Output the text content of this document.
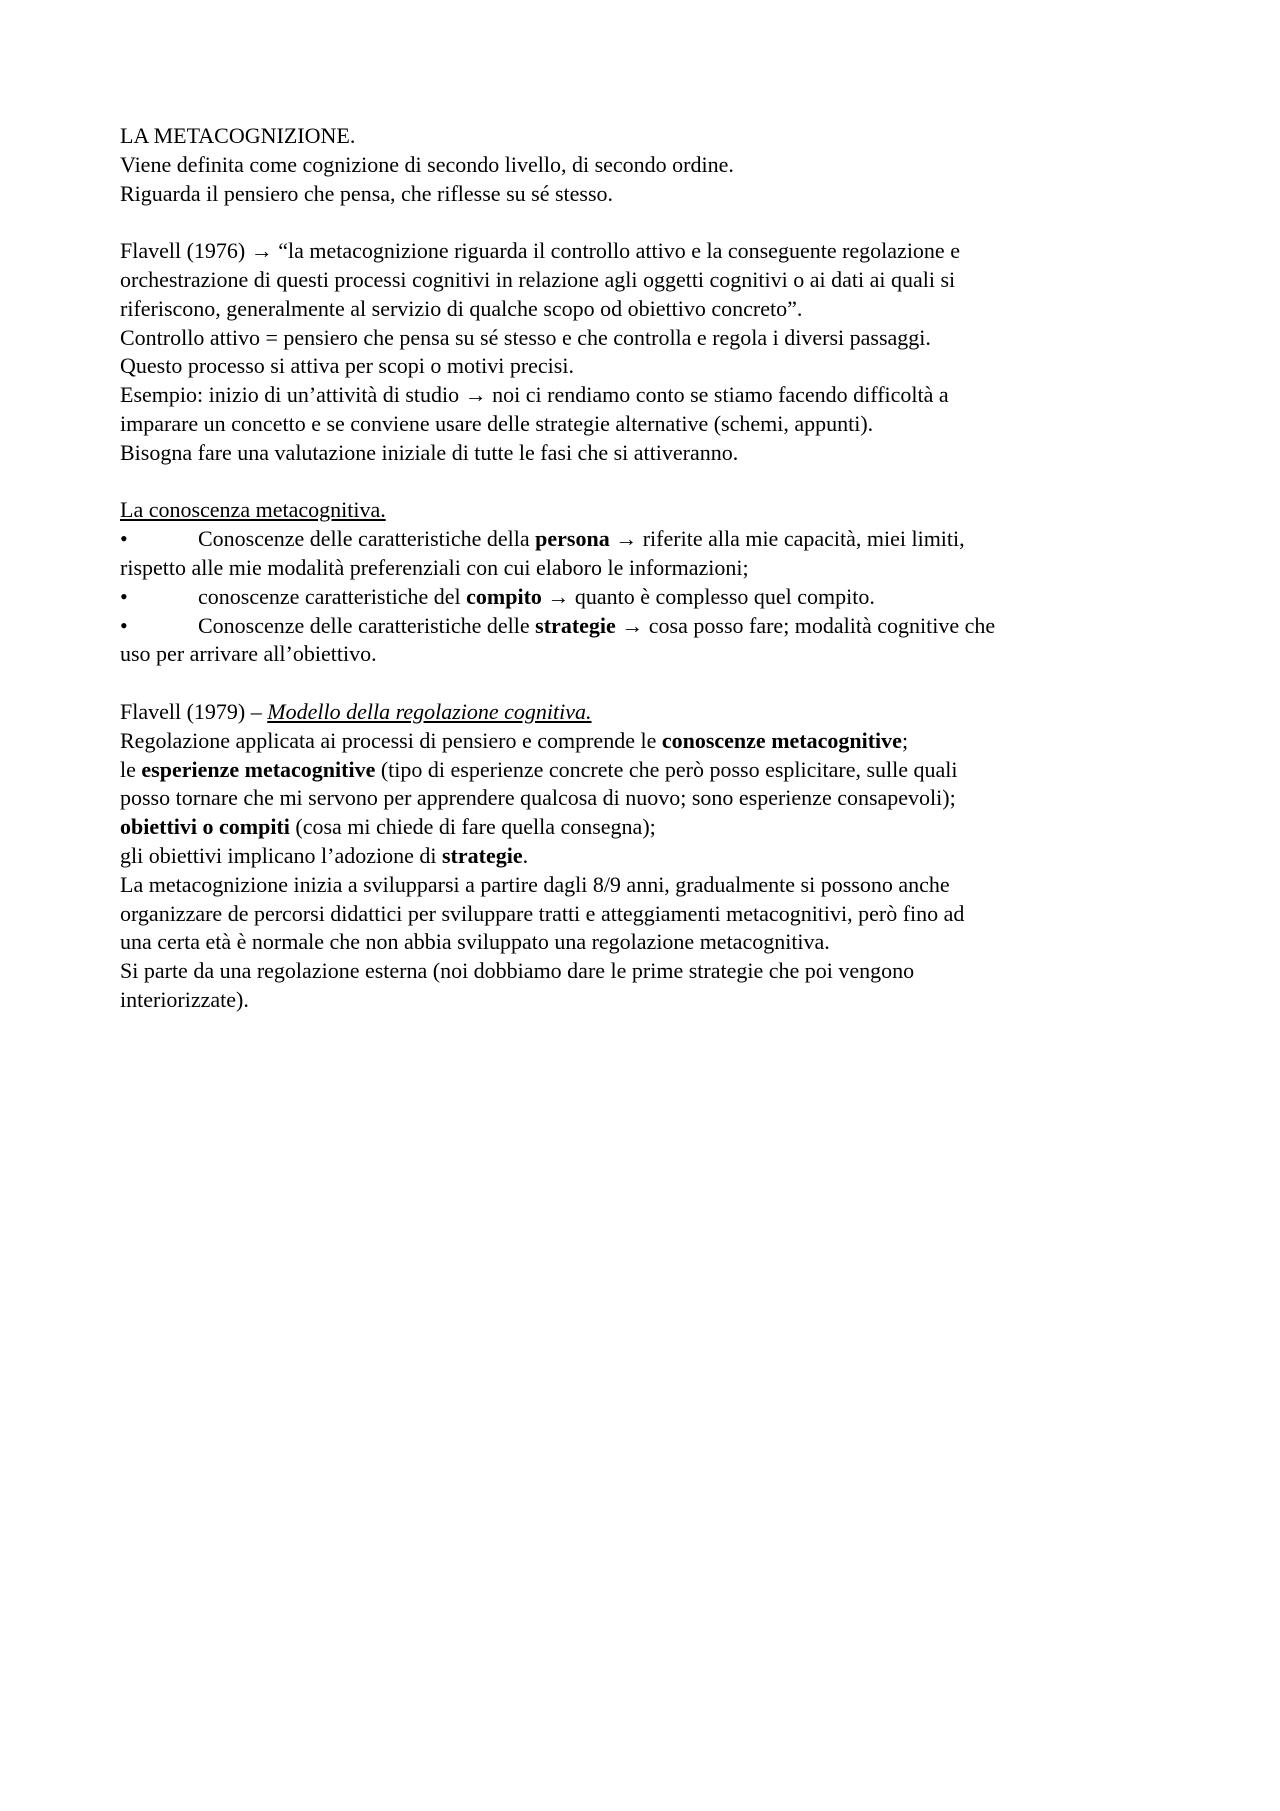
LA METACOGNIZIONE.
Viene definita come cognizione di secondo livello, di secondo ordine.
Riguarda il pensiero che pensa, che riflesse su sé stesso.
Flavell (1976) → “la metacognizione riguarda il controllo attivo e la conseguente regolazione e
orchestrazione di questi processi cognitivi in relazione agli oggetti cognitivi o ai dati ai quali si
riferiscono, generalmente al servizio di qualche scopo od obiettivo concreto”.
Controllo attivo = pensiero che pensa su sé stesso e che controlla e regola i diversi passaggi.
Questo processo si attiva per scopi o motivi precisi.
Esempio: inizio di un’attività di studio → noi ci rendiamo conto se stiamo facendo difficoltà a
imparare un concetto e se conviene usare delle strategie alternative (schemi, appunti).
Bisogna fare una valutazione iniziale di tutte le fasi che si attiveranno.
La conoscenza metacognitiva.
•	Conoscenze delle caratteristiche della persona → riferite alla mie capacità, miei limiti,
rispetto alle mie modalità preferenziali con cui elaboro le informazioni;
•	conoscenze caratteristiche del compito → quanto è complesso quel compito.
•	Conoscenze delle caratteristiche delle strategie → cosa posso fare; modalità cognitive che
uso per arrivare all’obiettivo.
Flavell (1979) – Modello della regolazione cognitiva.
Regolazione applicata ai processi di pensiero e comprende le conoscenze metacognitive;
le esperienze metacognitive (tipo di esperienze concrete che però posso esplicitare, sulle quali
posso tornare che mi servono per apprendere qualcosa di nuovo; sono esperienze consapevoli);
obiettivi o compiti (cosa mi chiede di fare quella consegna);
gli obiettivi implicano l’adozione di strategie.
La metacognizione inizia a svilupparsi a partire dagli 8/9 anni, gradualmente si possono anche
organizzare de percorsi didattici per sviluppare tratti e atteggiamenti metacognitivi, però fino ad
una certa età è normale che non abbia sviluppato una regolazione metacognitiva.
Si parte da una regolazione esterna (noi dobbiamo dare le prime strategie che poi vengono
interiorizzate).
